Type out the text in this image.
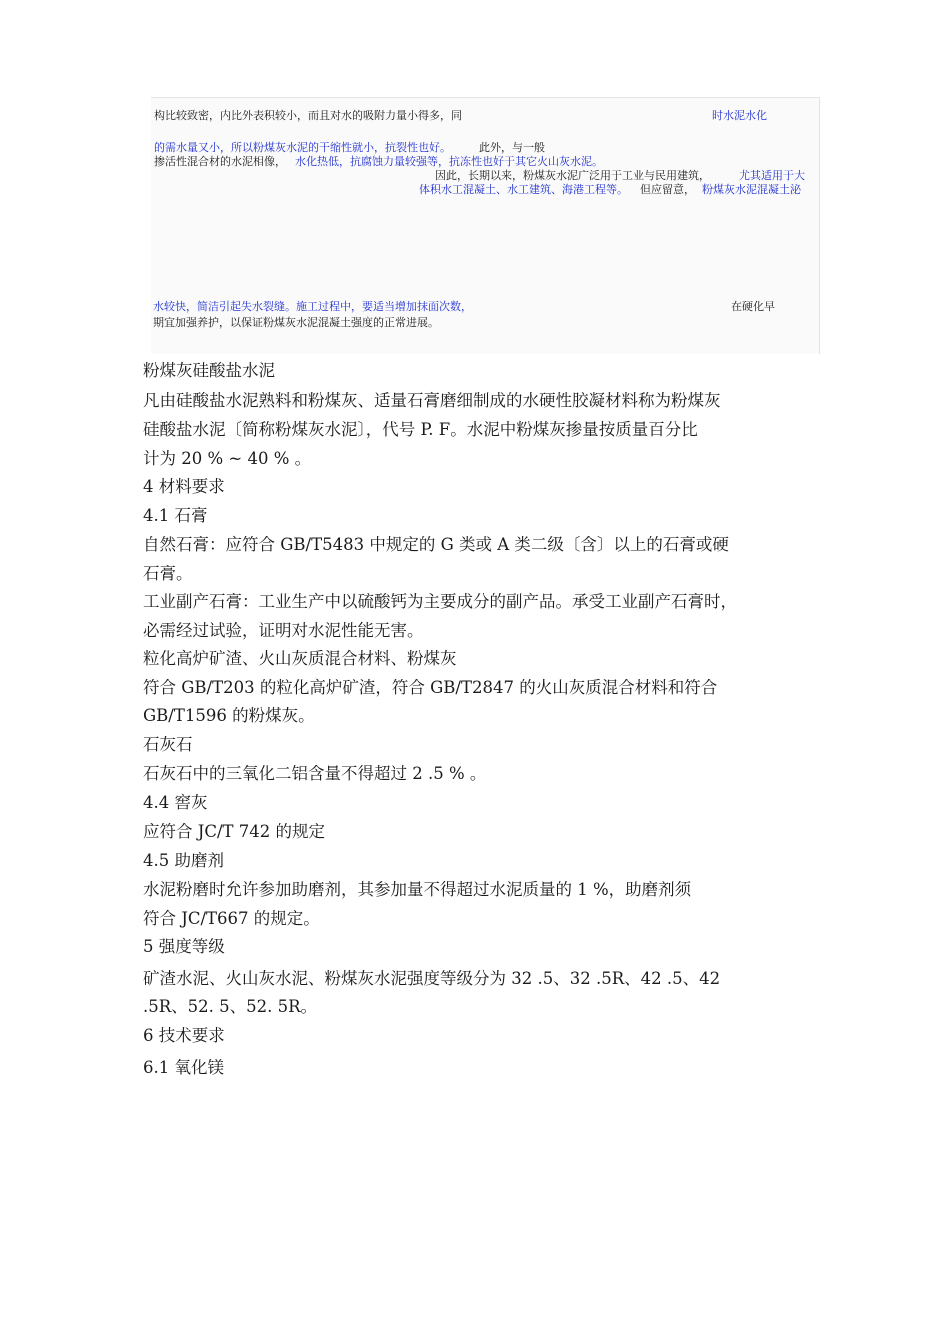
构比较致密，内比外表积较小，而且对水的吸附力量小得多，同	时水泥水化
的需水量又小，所以粉煤灰水泥的干缩性就小，抗裂性也好。	此外，与一般
掺活性混合材的水泥相像， 水化热低，抗腐蚀力量较强等，抗冻性也好于其它火山灰水泥。
因此，长期以来，粉煤灰水泥广泛用于工业与民用建筑，	尤其适用于大
体积水工混凝土、水工建筑、海港工程等。 但应留意， 粉煤灰水泥混凝土泌
水较快，简洁引起失水裂缝。施工过程中，要适当增加抹面次数，	在硬化早
期宜加强养护，以保证粉煤灰水泥混凝土强度的正常进展。
粉煤灰硅酸盐水泥
凡由硅酸盐水泥熟料和粉煤灰、适量石膏磨细制成的水硬性胶凝材料称为粉煤灰
硅酸盐水泥〔简称粉煤灰水泥〕，代号 P. F。水泥中粉煤灰掺量按质量百分比
计为 20 % ~ 40 % 。
4 材料要求
4.1 石膏
自然石膏：应符合 GB/T5483 中规定的 G 类或 A 类二级〔含〕以上的石膏或硬
石膏。
工业副产石膏：工业生产中以硫酸钙为主要成分的副产品。承受工业副产石膏时，
必需经过试验，证明对水泥性能无害。
粒化高炉矿渣、火山灰质混合材料、粉煤灰
符合 GB/T203 的粒化高炉矿渣，符合 GB/T2847 的火山灰质混合材料和符合
GB/T1596 的粉煤灰。
石灰石
石灰石中的三氧化二铝含量不得超过 2 .5 % 。
4.4 窖灰
应符合 JC/T 742 的规定
4.5 助磨剂
水泥粉磨时允许参加助磨剂，其参加量不得超过水泥质量的 1 %，助磨剂须
符合 JC/T667 的规定。
5 强度等级
矿渣水泥、火山灰水泥、粉煤灰水泥强度等级分为 32 .5、32 .5R、42 .5、42
.5R、52. 5、52. 5R。
6 技术要求
6.1 氧化镁
